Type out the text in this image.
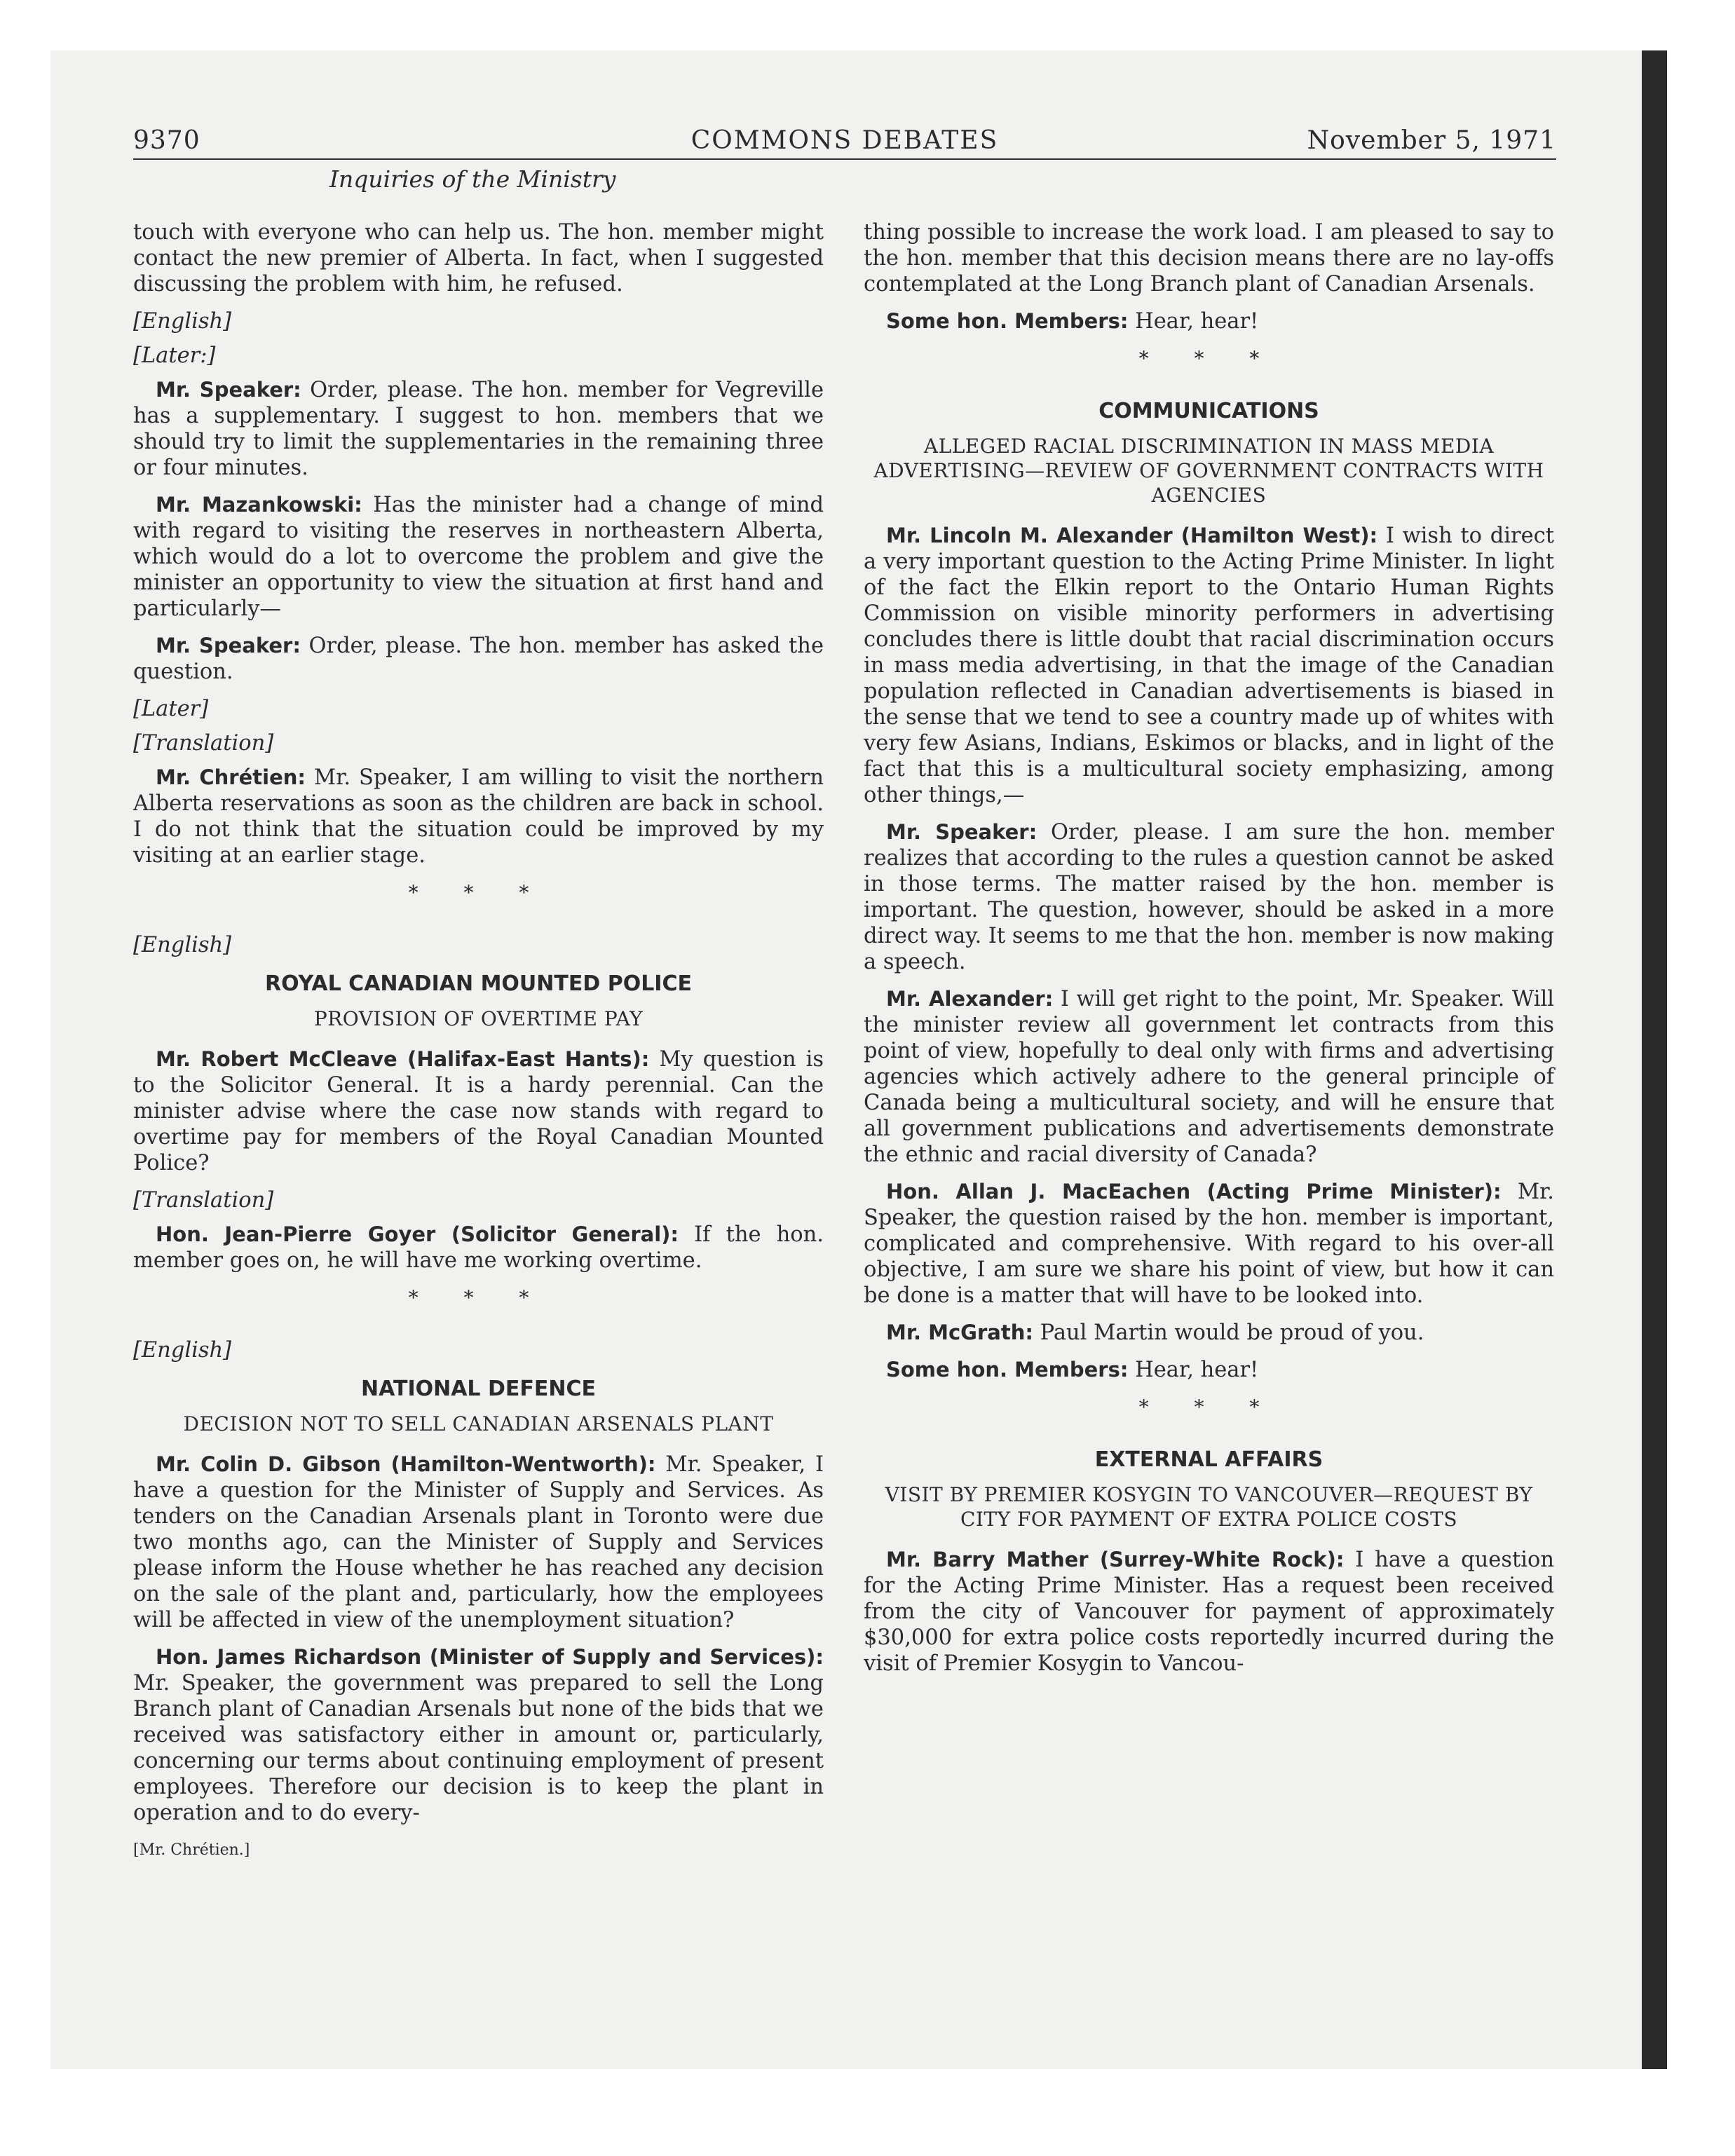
9370	COMMONS DEBATES	November 5, 1971
Inquiries of the Ministry

touch with everyone who can help us. The hon. member might contact the new premier of Alberta. In fact, when I suggested discussing the problem with him, he refused.

[English]
[Later:]

Mr. Speaker: Order, please. The hon. member for Vegreville has a supplementary. I suggest to hon. members that we should try to limit the supplementaries in the remaining three or four minutes.

Mr. Mazankowski: Has the minister had a change of mind with regard to visiting the reserves in northeastern Alberta, which would do a lot to overcome the problem and give the minister an opportunity to view the situation at first hand and particularly—

Mr. Speaker: Order, please. The hon. member has asked the question.

[Later]
[Translation]

Mr. Chrétien: Mr. Speaker, I am willing to visit the northern Alberta reservations as soon as the children are back in school. I do not think that the situation could be improved by my visiting at an earlier stage.

* * *
[English]
ROYAL CANADIAN MOUNTED POLICE
PROVISION OF OVERTIME PAY

Mr. Robert McCleave (Halifax-East Hants): My question is to the Solicitor General. It is a hardy perennial. Can the minister advise where the case now stands with regard to overtime pay for members of the Royal Canadian Mounted Police?

[Translation]

Hon. Jean-Pierre Goyer (Solicitor General): If the hon. member goes on, he will have me working overtime.

* * *
[English]
NATIONAL DEFENCE
DECISION NOT TO SELL CANADIAN ARSENALS PLANT

Mr. Colin D. Gibson (Hamilton-Wentworth): Mr. Speaker, I have a question for the Minister of Supply and Services. As tenders on the Canadian Arsenals plant in Toronto were due two months ago, can the Minister of Supply and Services please inform the House whether he has reached any decision on the sale of the plant and, particularly, how the employees will be affected in view of the unemployment situation?

Hon. James Richardson (Minister of Supply and Services): Mr. Speaker, the government was prepared to sell the Long Branch plant of Canadian Arsenals but none of the bids that we received was satisfactory either in amount or, particularly, concerning our terms about continuing employment of present employees. Therefore our decision is to keep the plant in operation and to do every-

[Mr. Chrétien.]

thing possible to increase the work load. I am pleased to say to the hon. member that this decision means there are no lay-offs contemplated at the Long Branch plant of Canadian Arsenals.

Some hon. Members: Hear, hear!

* * *
COMMUNICATIONS
ALLEGED RACIAL DISCRIMINATION IN MASS MEDIA ADVERTISING—REVIEW OF GOVERNMENT CONTRACTS WITH AGENCIES

Mr. Lincoln M. Alexander (Hamilton West): I wish to direct a very important question to the Acting Prime Minister. In light of the fact the Elkin report to the Ontario Human Rights Commission on visible minority performers in advertising concludes there is little doubt that racial discrimination occurs in mass media advertising, in that the image of the Canadian population reflected in Canadian advertisements is biased in the sense that we tend to see a country made up of whites with very few Asians, Indians, Eskimos or blacks, and in light of the fact that this is a multicultural society emphasizing, among other things,—

Mr. Speaker: Order, please. I am sure the hon. member realizes that according to the rules a question cannot be asked in those terms. The matter raised by the hon. member is important. The question, however, should be asked in a more direct way. It seems to me that the hon. member is now making a speech.

Mr. Alexander: I will get right to the point, Mr. Speaker. Will the minister review all government let contracts from this point of view, hopefully to deal only with firms and advertising agencies which actively adhere to the general principle of Canada being a multicultural society, and will he ensure that all government publications and advertisements demonstrate the ethnic and racial diversity of Canada?

Hon. Allan J. MacEachen (Acting Prime Minister): Mr. Speaker, the question raised by the hon. member is important, complicated and comprehensive. With regard to his over-all objective, I am sure we share his point of view, but how it can be done is a matter that will have to be looked into.

Mr. McGrath: Paul Martin would be proud of you.

Some hon. Members: Hear, hear!

* * *
EXTERNAL AFFAIRS
VISIT BY PREMIER KOSYGIN TO VANCOUVER—REQUEST BY CITY FOR PAYMENT OF EXTRA POLICE COSTS

Mr. Barry Mather (Surrey-White Rock): I have a question for the Acting Prime Minister. Has a request been received from the city of Vancouver for payment of approximately $30,000 for extra police costs reportedly incurred during the visit of Premier Kosygin to Vancou-
